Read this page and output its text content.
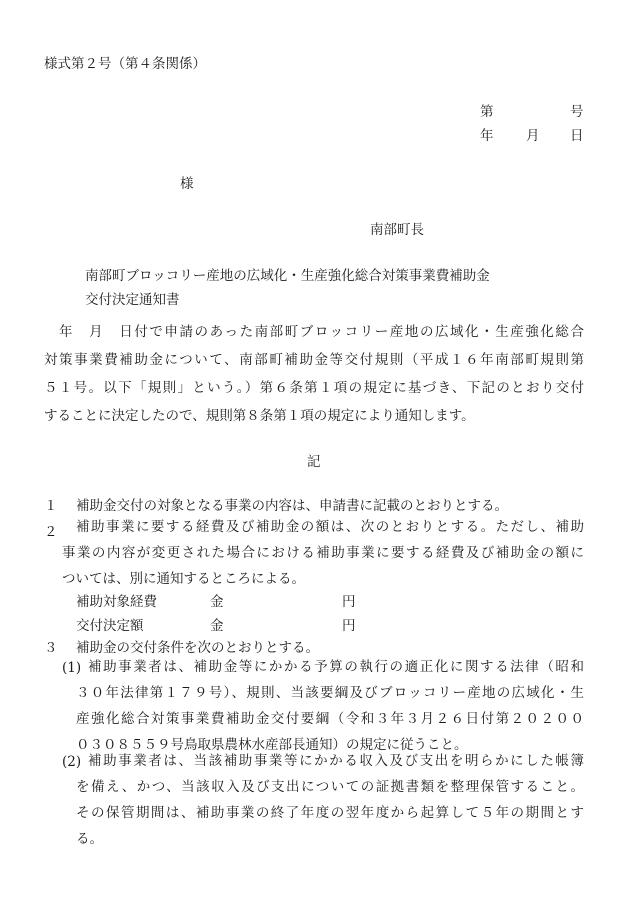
様式第２号（第４条関係）
第	号
年 月 日
様
南部町長
南部町ブロッコリー産地の広域化・生産強化総合対策事業費補助金
交付決定通知書
　年　月　日付で申請のあった南部町ブロッコリー産地の広域化・生産強化総合
対策事業費補助金について、南部町補助金等交付規則（平成１６年南部町規則第
５１号。以下「規則」という。）第６条第１項の規定に基づき、下記のとおり交付
することに決定したので、規則第８条第１項の規定により通知します。
記
１ 補助金交付の対象となる事業の内容は、申請書に記載のとおりとする。
２	補助事業に要する経費及び補助金の額は、次のとおりとする。ただし、補助
事業の内容が変更された場合における補助事業に要する経費及び補助金の額に
ついては、別に通知するところによる。
補助対象経費	金	円
交付決定額	金	円
３ 補助金の交付条件を次のとおりとする。
(1) 補助事業者は、補助金等にかかる予算の執行の適正化に関する法律（昭和
３０年法律第１７９号）、規則、当該要綱及びブロッコリー産地の広域化・生
産強化総合対策事業費補助金交付要綱（令和３年３月２６日付第２０２００
０３０８５５９号鳥取県農林水産部長通知）の規定に従うこと。
(2) 補助事業者は、当該補助事業等にかかる収入及び支出を明らかにした帳簿
を備え、かつ、当該収入及び支出についての証拠書類を整理保管すること。
その保管期間は、補助事業の終了年度の翌年度から起算して５年の期間とす
る。
